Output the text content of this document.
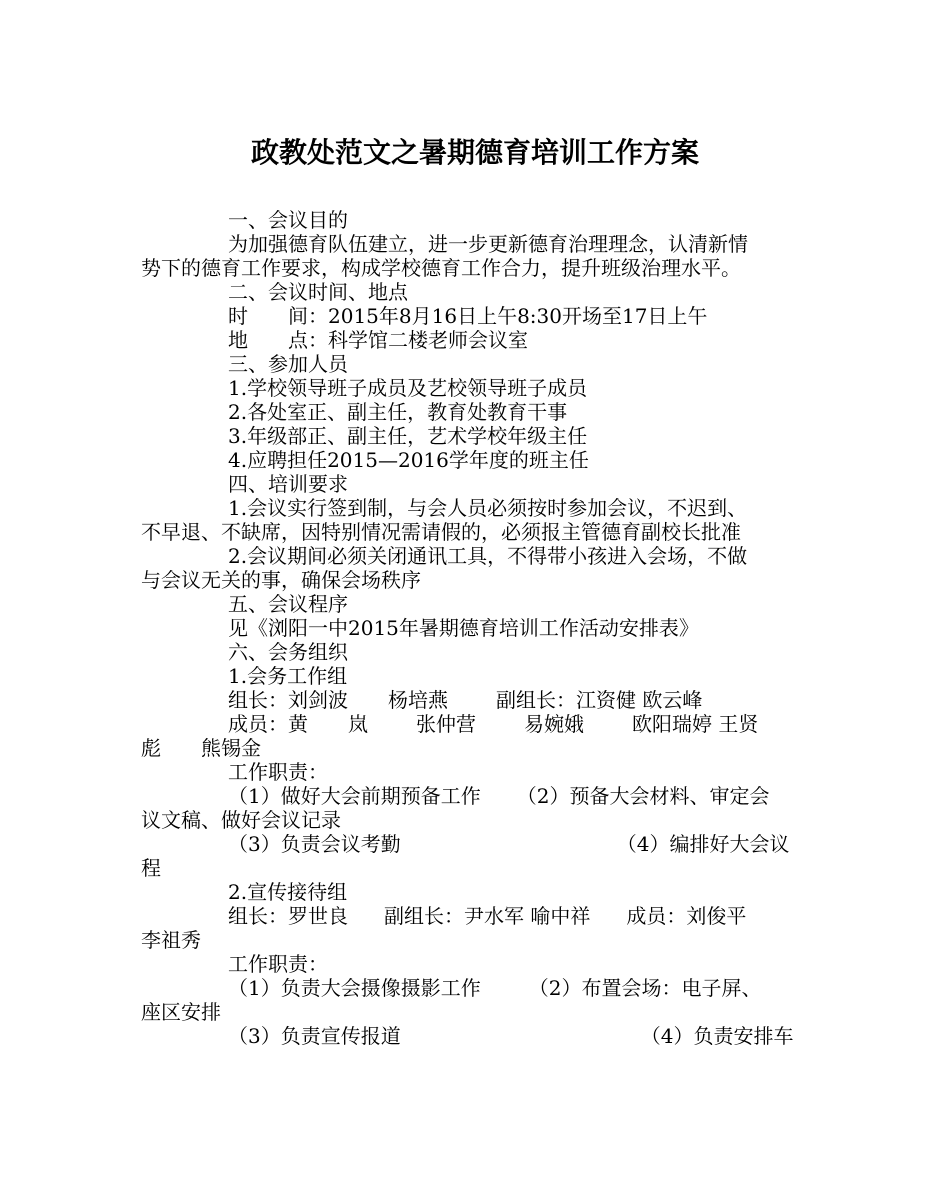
政教处范文之暑期德育培训工作方案
一、会议目的
为加强德育队伍建立，进一步更新德育治理理念，认清新情
势下的德育工作要求，构成学校德育工作合力，提升班级治理水平。
二、会议时间、地点
时　　间：2015年8月16日上午8:30开场至17日上午
地　　点：科学馆二楼老师会议室
三、参加人员
1.学校领导班子成员及艺校领导班子成员
2.各处室正、副主任，教育处教育干事
3.年级部正、副主任，艺术学校年级主任
4.应聘担任2015—2016学年度的班主任
四、培训要求
1.会议实行签到制，与会人员必须按时参加会议，不迟到、
不早退、不缺席，因特别情况需请假的，必须报主管德育副校长批准
2.会议期间必须关闭通讯工具，不得带小孩进入会场，不做
与会议无关的事，确保会场秩序
五、会议程序
见《浏阳一中2015年暑期德育培训工作活动安排表》
六、会务组织
1.会务工作组
组长：刘剑波　　杨培燕 副组长：江资健 欧云峰
成员：黄　　岚 张仲营 易婉娥 欧阳瑞婷 王贤
彪　　熊锡金
工作职责：
（1）做好大会前期预备工作 （2）预备大会材料、审定会
议文稿、做好会议记录
（3）负责会议考勤	（4）编排好大会议
程
2.宣传接待组
组长：罗世良 副组长：尹水军 喻中祥 成员：刘俊平
李祖秀
工作职责：
（1）负责大会摄像摄影工作 （2）布置会场：电子屏、
座区安排
（3）负责宣传报道	（4）负责安排车
